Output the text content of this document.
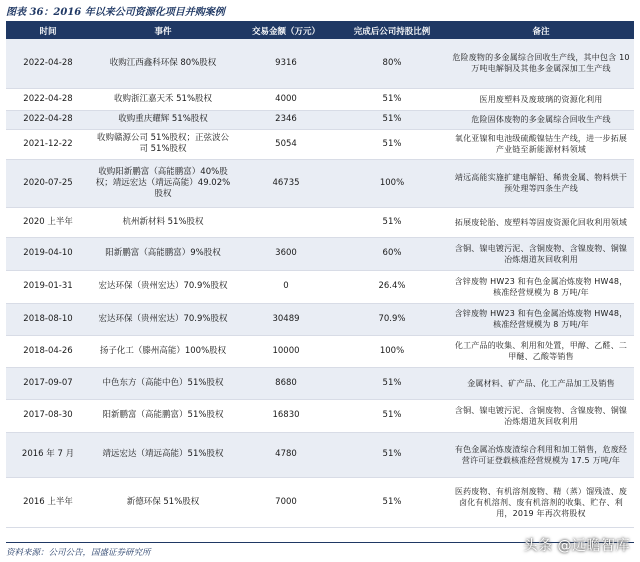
图表 36：2016 年以来公司资源化项目并购案例
时间	事件	交易金额（万元）	完成后公司持股比例	备注
2022-04-28	收购江西鑫科环保 80%股权	9316	80%	危险废物的多金属综合回收生产线，其中包含 10 万吨电解铜及其他多金属深加工生产线
2022-04-28	收购浙江嘉天禾 51%股权	4000	51%	医用废塑料及废玻璃的资源化利用
2022-04-28	收购重庆耀辉 51%股权	2346	51%	危险固体废物的多金属综合回收生产线
2021-12-22	收购赣源公司 51%股权；正弦波公司 51%股权	5054	51%	氧化亚镍和电池级硫酸镍钴生产线，进一步拓展产业链至新能源材料领域
2020-07-25	收购阳新鹏富（高能鹏富）40%股权；靖远宏达（靖远高能）49.02%股权	46735	100%	靖远高能实施扩建电解铅、稀贵金属、物料烘干预处理等四条生产线
2020 上半年	杭州新材料 51%股权		51%	拓展废轮胎、废塑料等固废资源化回收利用领域
2019-04-10	阳新鹏富（高能鹏富）9%股权	3600	60%	含铜、镍电镀污泥、含铜废物、含镍废物、铜镍冶炼烟道灰回收利用
2019-01-31	宏达环保（贵州宏达）70.9%股权	0	26.4%	含锌废物 HW23 和有色金属冶炼废物 HW48，核准经营规模为 8 万吨/年
2018-08-10	宏达环保（贵州宏达）70.9%股权	30489	70.9%	含锌废物 HW23 和有色金属冶炼废物 HW48，核准经营规模为 8 万吨/年
2018-04-26	扬子化工（滕州高能）100%股权	10000	100%	化工产品的收集、利用和处置，甲醇、乙醛、二甲醚、乙酸等销售
2017-09-07	中色东方（高能中色）51%股权	8680	51%	金属材料、矿产品、化工产品加工及销售
2017-08-30	阳新鹏富（高能鹏富）51%股权	16830	51%	含铜、镍电镀污泥、含铜废物、含镍废物、铜镍冶炼烟道灰回收利用
2016 年 7 月	靖远宏达（靖远高能）51%股权	4780	51%	有色金属冶炼废渣综合利用和加工销售，危废经营许可证登载核准经营规模为 17.5 万吨/年
2016 上半年	新德环保 51%股权	7000	51%	医药废物、有机溶剂废物、精（蒸）馏残渣、废卤化有机溶剂、废有机溶剂的收集、贮存、利用，2019 年再次将股权
资料来源：公司公告，国盛证券研究所	头条 @远瞻智库
